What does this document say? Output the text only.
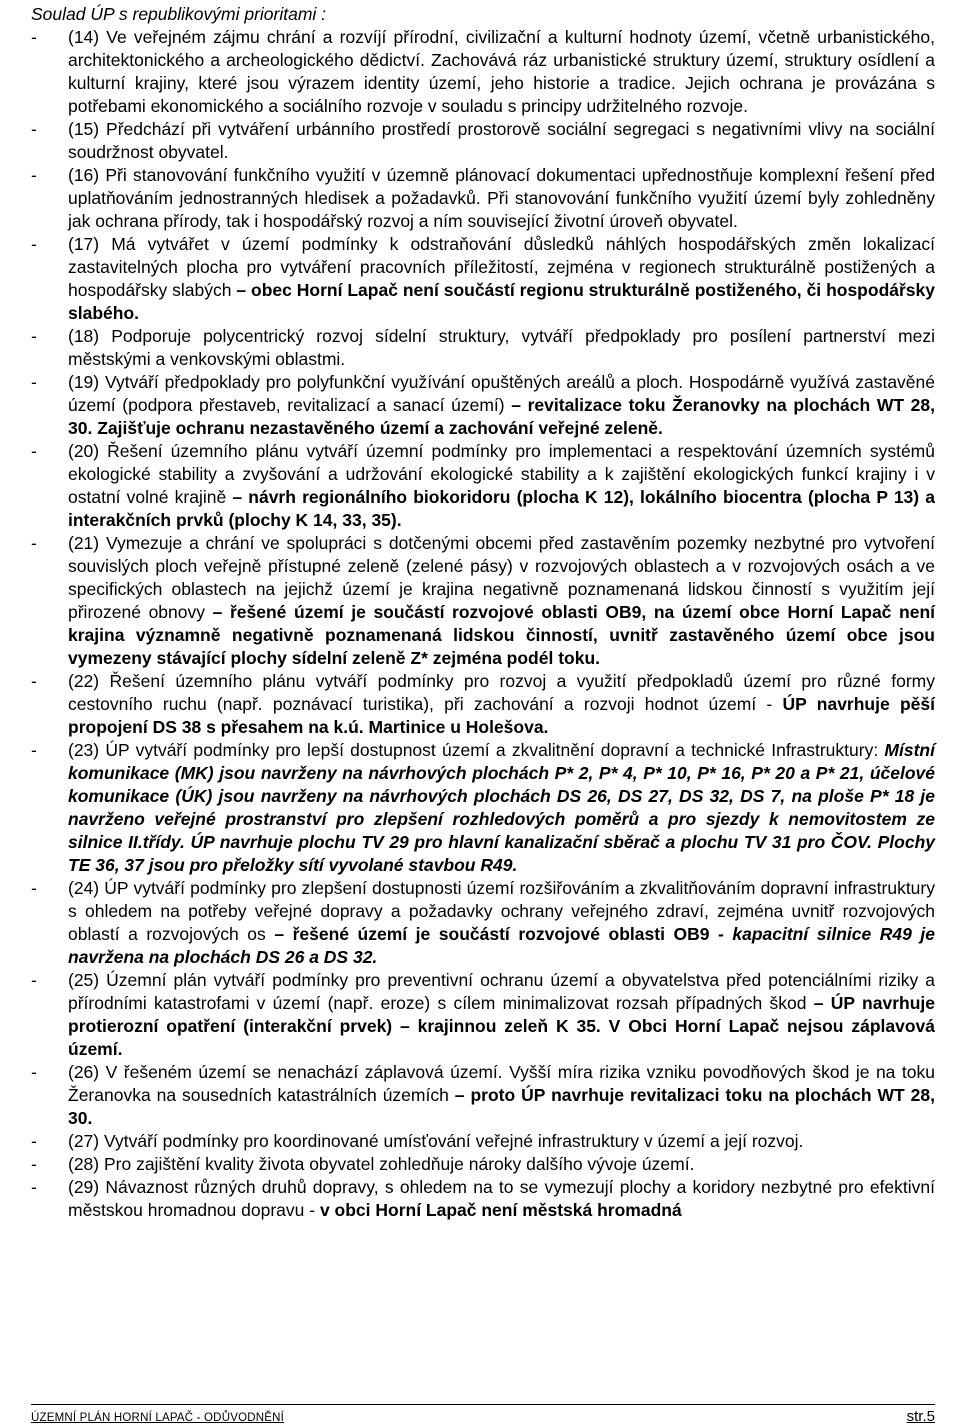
Soulad ÚP s republikovými prioritami :

- (14) Ve veřejném zájmu chrání a rozvíjí přírodní, civilizační a kulturní hodnoty území, včetně urbanistického, architektonického a archeologického dědictví. Zachovává ráz urbanistické struktury území, struktury osídlení a kulturní krajiny, které jsou výrazem identity území, jeho historie a tradice. Jejich ochrana je provázána s potřebami ekonomického a sociálního rozvoje v souladu s principy udržitelného rozvoje.
- (15) Předchází při vytváření urbánního prostředí prostorově sociální segregaci s negativními vlivy na sociální soudržnost obyvatel.
- (16) Při stanovování funkčního využití v územně plánovací dokumentaci upřednostňuje komplexní řešení před uplatňováním jednostranných hledisek a požadavků. Při stanovování funkčního využití území byly zohledněny jak ochrana přírody, tak i hospodářský rozvoj a ním související životní úroveň obyvatel.
- (17) Má vytvářet v území podmínky k odstraňování důsledků náhlých hospodářských změn lokalizací zastavitelných plocha pro vytváření pracovních příležitostí, zejména v regionech strukturálně postižených a hospodářsky slabých – obec Horní Lapač není součástí regionu strukturálně postiženého, či hospodářsky slabého.
- (18) Podporuje polycentrický rozvoj sídelní struktury, vytváří předpoklady pro posílení partnerství mezi městskými a venkovskými oblastmi.
- (19) Vytváří předpoklady pro polyfunkční využívání opuštěných areálů a ploch. Hospodárně využívá zastavěné území (podpora přestaveb, revitalizací a sanací území) – revitalizace toku Žeranovky na plochách WT 28, 30. Zajišťuje ochranu nezastavěného území a zachování veřejné zeleně.
- (20) Řešení územního plánu vytváří územní podmínky pro implementaci a respektování územních systémů ekologické stability a zvyšování a udržování ekologické stability a k zajištění ekologických funkcí krajiny i v ostatní volné krajině – návrh regionálního biokoridoru (plocha K 12), lokálního biocentra (plocha P 13) a interakčních prvků (plochy K 14, 33, 35).
- (21) Vymezuje a chrání ve spolupráci s dotčenými obcemi před zastavěním pozemky nezbytné pro vytvoření souvislých ploch veřejně přístupné zeleně (zelené pásy) v rozvojových oblastech a v rozvojových osách a ve specifických oblastech na jejichž území je krajina negativně poznamenaná lidskou činností s využitím její přirozené obnovy – řešené území je součástí rozvojové oblasti OB9, na území obce Horní Lapač není krajina významně negativně poznamenaná lidskou činností, uvnitř zastavěného území obce jsou vymezeny stávající plochy sídelní zeleně Z* zejména podél toku.
- (22) Řešení územního plánu vytváří podmínky pro rozvoj a využití předpokladů území pro různé formy cestovního ruchu (např. poznávací turistika), při zachování a rozvoji hodnot území - ÚP navrhuje pěší propojení DS 38 s přesahem na k.ú. Martinice u Holešova.
- (23) ÚP vytváří podmínky pro lepší dostupnost území a zkvalitnění dopravní a technické Infrastruktury: Místní komunikace (MK) jsou navrženy na návrhových plochách P* 2, P* 4, P* 10, P* 16, P* 20 a P* 21, účelové komunikace (ÚK) jsou navrženy na návrhových plochách DS 26, DS 27, DS 32, DS 7, na ploše P* 18 je navrženo veřejné prostranství pro zlepšení rozhledových poměrů a pro sjezdy k nemovitostem ze silnice II.třídy. ÚP navrhuje plochu TV 29 pro hlavní kanalizační sběrač a plochu TV 31 pro ČOV. Plochy TE 36, 37 jsou pro přeložky sítí vyvolané stavbou R49.
- (24) ÚP vytváří podmínky pro zlepšení dostupnosti území rozšiřováním a zkvalitňováním dopravní infrastruktury s ohledem na potřeby veřejné dopravy a požadavky ochrany veřejného zdraví, zejména uvnitř rozvojových oblastí a rozvojových os – řešené území je součástí rozvojové oblasti OB9 - kapacitní silnice R49 je navržena na plochách DS 26 a DS 32.
- (25) Územní plán vytváří podmínky pro preventivní ochranu území a obyvatelstva před potenciálními riziky a přírodními katastrofami v území (např. eroze) s cílem minimalizovat rozsah případných škod – ÚP navrhuje protierozní opatření (interakční prvek) – krajinnou zeleň K 35. V Obci Horní Lapač nejsou záplavová území.
- (26) V řešeném území se nenachází záplavová území. Vyšší míra rizika vzniku povodňových škod je na toku Žeranovka na sousedních katastrálních územích – proto ÚP navrhuje revitalizaci toku na plochách WT 28, 30.
- (27) Vytváří podmínky pro koordinované umísťování veřejné infrastruktury v území a její rozvoj.
- (28) Pro zajištění kvality života obyvatel zohledňuje nároky dalšího vývoje území.
- (29) Návaznost různých druhů dopravy, s ohledem na to se vymezují plochy a koridory nezbytné pro efektivní městskou hromadnou dopravu - v obci Horní Lapač není městská hromadná
ÚZEMNÍ PLÁN HORNÍ LAPAČ - ODŮVODNĚNÍ	str.5
